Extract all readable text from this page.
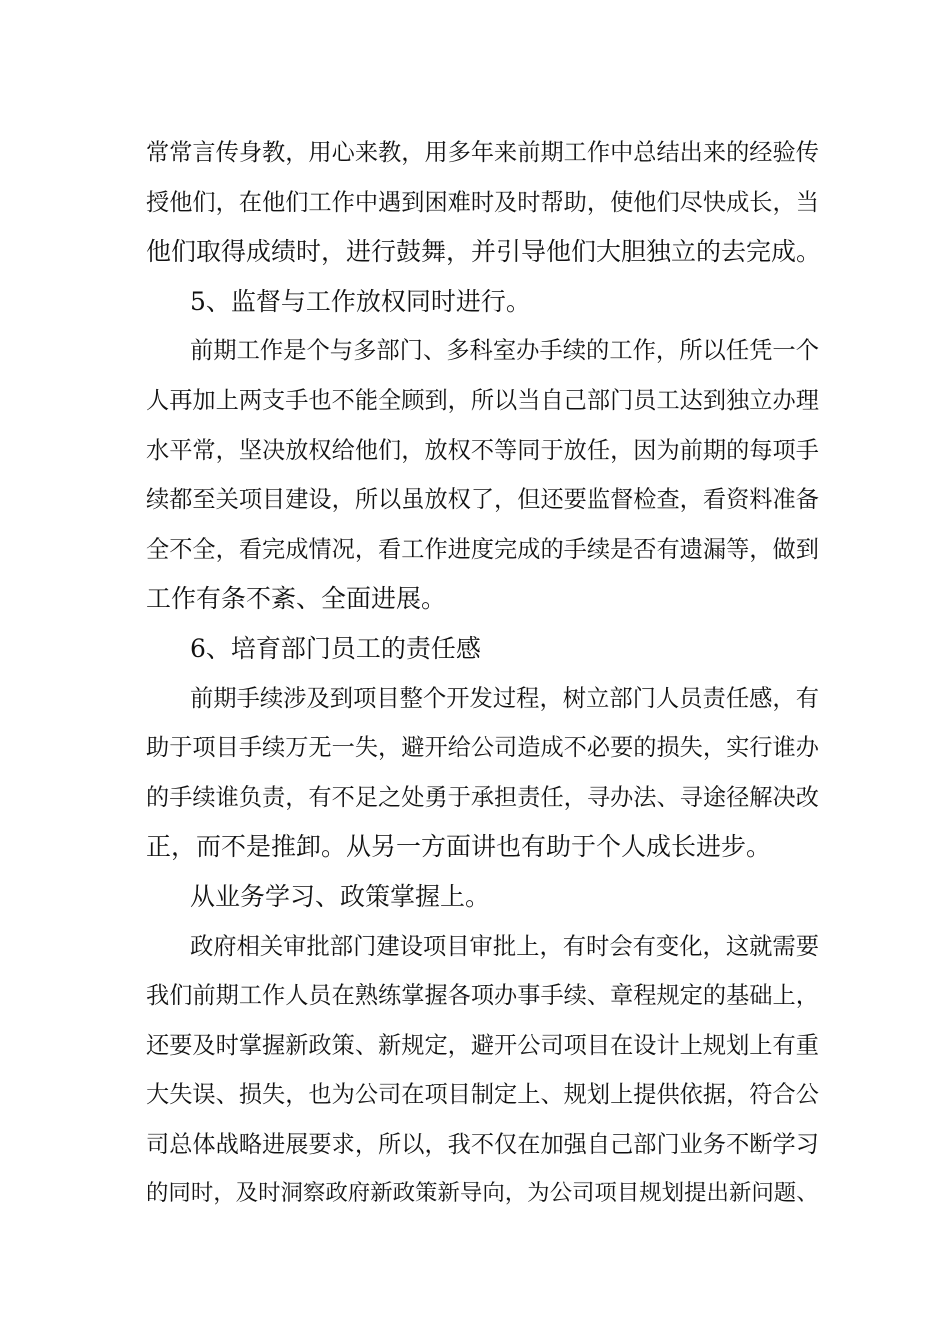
常常言传身教，用心来教，用多年来前期工作中总结出来的经验传
授他们，在他们工作中遇到困难时及时帮助，使他们尽快成长，当
他们取得成绩时，进行鼓舞，并引导他们大胆独立的去完成。
5、监督与工作放权同时进行。
前期工作是个与多部门、多科室办手续的工作，所以任凭一个
人再加上两支手也不能全顾到，所以当自己部门员工达到独立办理
水平常，坚决放权给他们，放权不等同于放任，因为前期的每项手
续都至关项目建设，所以虽放权了，但还要监督检查，看资料准备
全不全，看完成情况，看工作进度完成的手续是否有遗漏等，做到
工作有条不紊、全面进展。
6、培育部门员工的责任感
前期手续涉及到项目整个开发过程，树立部门人员责任感，有
助于项目手续万无一失，避开给公司造成不必要的损失，实行谁办
的手续谁负责，有不足之处勇于承担责任，寻办法、寻途径解决改
正，而不是推卸。从另一方面讲也有助于个人成长进步。
从业务学习、政策掌握上。
政府相关审批部门建设项目审批上，有时会有变化，这就需要
我们前期工作人员在熟练掌握各项办事手续、章程规定的基础上，
还要及时掌握新政策、新规定，避开公司项目在设计上规划上有重
大失误、损失，也为公司在项目制定上、规划上提供依据，符合公
司总体战略进展要求，所以，我不仅在加强自己部门业务不断学习
的同时，及时洞察政府新政策新导向，为公司项目规划提出新问题、
